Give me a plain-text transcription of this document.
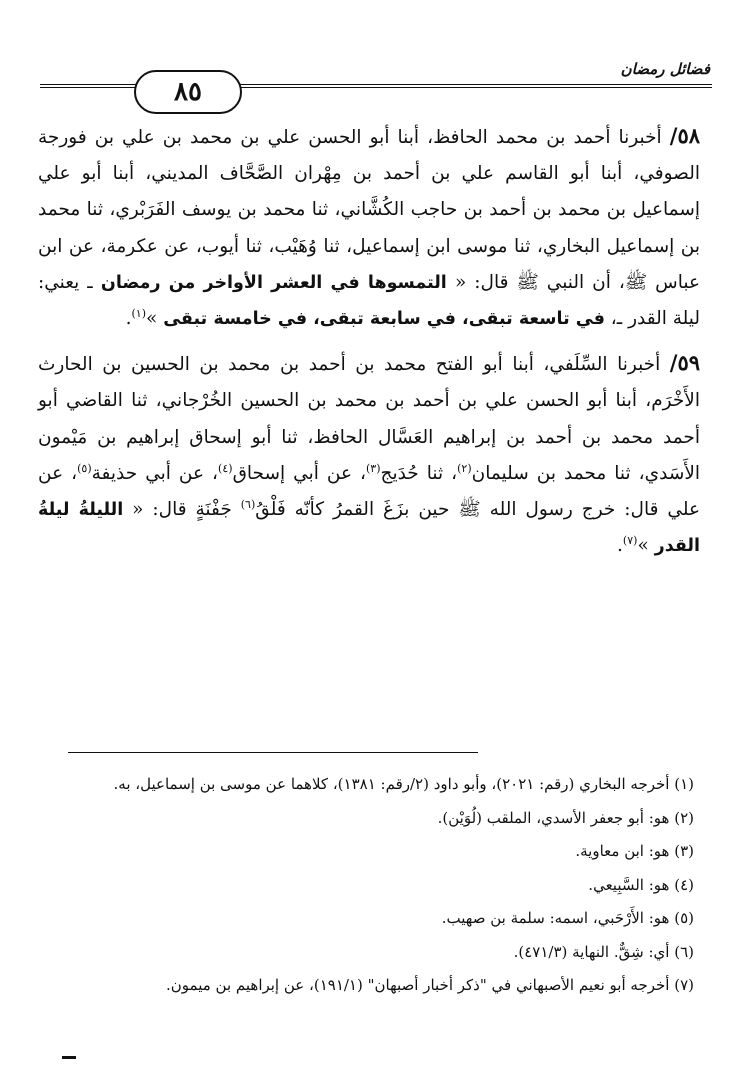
فضائل رمضان
٨٥

٥٨/ أخبرنا أحمد بن محمد الحافظ، أبنا أبو الحسن علي بن محمد بن علي بن فورجة الصوفي، أبنا أبو القاسم علي بن أحمد بن مِهْران الصَّحَّاف المديني، أبنا أبو علي إسماعيل بن محمد بن أحمد بن حاجب الكُشَّاني، ثنا محمد بن يوسف الفَرَبْري، ثنا محمد بن إسماعيل البخاري، ثنا موسى ابن إسماعيل، ثنا وُهَيْب، ثنا أيوب، عن عكرمة، عن ابن عباس ﷺ، أن النبي ﷺ قال: « التمسوها في العشر الأواخر من رمضان ـ يعني: ليلة القدر ـ، في تاسعة تبقى، في سابعة تبقى، في خامسة تبقى »$^{(١)}$.

٥٩/ أخبرنا السِّلَفي، أبنا أبو الفتح محمد بن أحمد بن محمد بن الحسين بن الحارث الأَخْرَم، أبنا أبو الحسن علي بن أحمد بن محمد بن الحسين الخُرْجاني، ثنا القاضي أبو أحمد محمد بن أحمد بن إبراهيم العَسَّال الحافظ، ثنا أبو إسحاق إبراهيم بن مَيْمون الأَسَدي، ثنا محمد بن سليمان$^{(٢)}$، ثنا حُدَيج$^{(٣)}$، عن أبي إسحاق$^{(٤)}$، عن أبي حذيفة$^{(٥)}$، عن علي قال: خرج رسول الله ﷺ حين بزَغَ القمرُ كأنّه فَلْقُ$^{(٦)}$ جَفْنَةٍ قال: « الليلةُ ليلةُ القدر »$^{(٧)}$.

(١) أخرجه البخاري (رقم: ٢٠٢١)، وأبو داود (٢/رقم: ١٣٨١)، كلاهما عن موسى بن إسماعيل، به.

(٢) هو: أبو جعفر الأسدي، الملقب (لُوَيْن).

(٣) هو: ابن معاوية.

(٤) هو: السَّبِيعي.

(٥) هو: الأَرْحَبي، اسمه: سلمة بن صهيب.

(٦) أي: شِقٌّ. النهاية (٤٧١/٣).

(٧) أخرجه أبو نعيم الأصبهاني في "ذكر أخبار أصبهان" (١٩١/١)، عن إبراهيم بن ميمون.
